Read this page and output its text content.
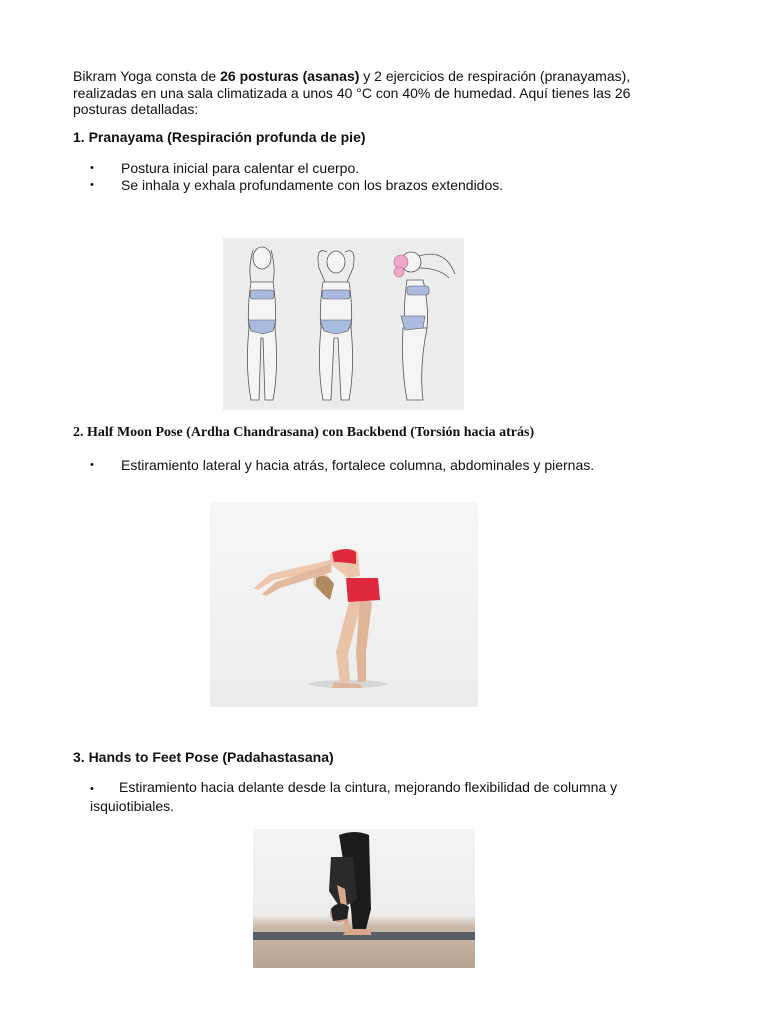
Bikram Yoga consta de 26 posturas (asanas) y 2 ejercicios de respiración (pranayamas), realizadas en una sala climatizada a unos 40 °C con 40% de humedad. Aquí tienes las 26 posturas detalladas:
1. Pranayama (Respiración profunda de pie)
•	Postura inicial para calentar el cuerpo.
•	Se inhala y exhala profundamente con los brazos extendidos.
2. Half Moon Pose (Ardha Chandrasana) con Backbend (Torsión hacia atrás)
•	Estiramiento lateral y hacia atrás, fortalece columna, abdominales y piernas.
3. Hands to Feet Pose (Padahastasana)
• Estiramiento hacia delante desde la cintura, mejorando flexibilidad de columna y isquiotibiales.
